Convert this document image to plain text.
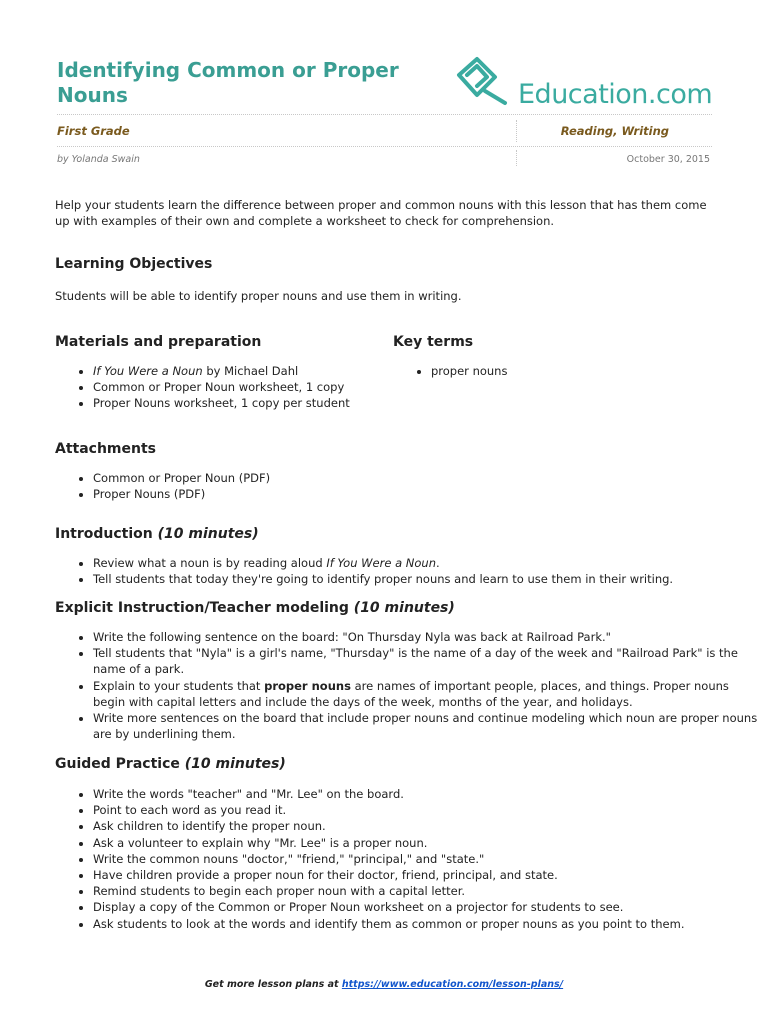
Identifying Common or Proper Nouns	Education.com
First Grade	Reading, Writing
by Yolanda Swain	October 30, 2015
Help your students learn the difference between proper and common nouns with this lesson that has them come up with examples of their own and complete a worksheet to check for comprehension.
Learning Objectives

Students will be able to identify proper nouns and use them in writing.

Materials and preparation
• If You Were a Noun by Michael Dahl
• Common or Proper Noun worksheet, 1 copy
• Proper Nouns worksheet, 1 copy per student
Key terms
• proper nouns
Attachments
• Common or Proper Noun (PDF)
• Proper Nouns (PDF)
Introduction (10 minutes)
• Review what a noun is by reading aloud If You Were a Noun.
• Tell students that today they're going to identify proper nouns and learn to use them in their writing.
Explicit Instruction/Teacher modeling (10 minutes)
• Write the following sentence on the board: "On Thursday Nyla was back at Railroad Park."
• Tell students that "Nyla" is a girl's name, "Thursday" is the name of a day of the week and "Railroad Park" is the name of a park.
• Explain to your students that proper nouns are names of important people, places, and things. Proper nouns begin with capital letters and include the days of the week, months of the year, and holidays.
• Write more sentences on the board that include proper nouns and continue modeling which noun are proper nouns are by underlining them.
Guided Practice (10 minutes)
• Write the words "teacher" and "Mr. Lee" on the board.
• Point to each word as you read it.
• Ask children to identify the proper noun.
• Ask a volunteer to explain why "Mr. Lee" is a proper noun.
• Write the common nouns "doctor," "friend," "principal," and "state."
• Have children provide a proper noun for their doctor, friend, principal, and state.
• Remind students to begin each proper noun with a capital letter.
• Display a copy of the Common or Proper Noun worksheet on a projector for students to see.
• Ask students to look at the words and identify them as common or proper nouns as you point to them.
Get more lesson plans at https://www.education.com/lesson-plans/
